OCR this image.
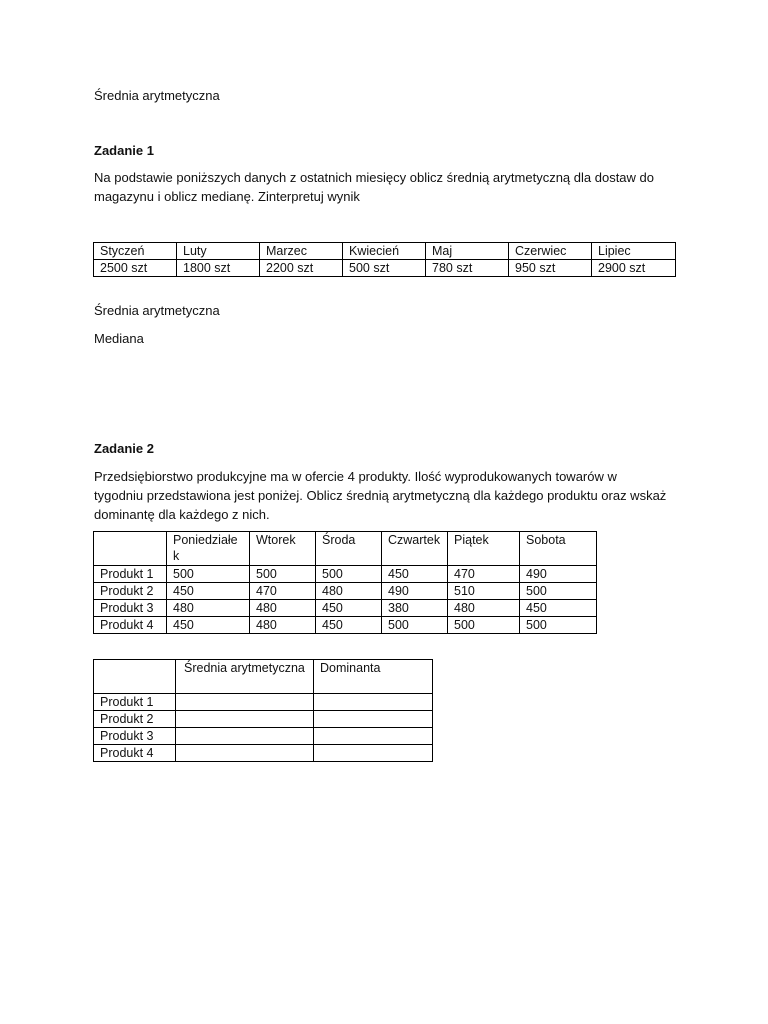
Średnia arytmetyczna

Zadanie 1

Na podstawie poniższych danych z ostatnich miesięcy oblicz średnią arytmetyczną dla dostaw do
magazynu i oblicz medianę. Zinterpretuj wynik
Styczeń	Luty	Marzec	Kwiecień	Maj	Czerwiec	Lipiec
2500 szt	1800 szt	2200 szt	500 szt	780 szt	950 szt	2900 szt

Średnia arytmetyczna

Mediana

Zadanie 2

Przedsiębiorstwo produkcyjne ma w ofercie 4 produkty. Ilość wyprodukowanych towarów w
tygodniu przedstawiona jest poniżej. Oblicz średnią arytmetyczną dla każdego produktu oraz wskaż
dominantę dla każdego z nich.
	Poniedziałek	Wtorek	Środa	Czwartek	Piątek	Sobota
Produkt 1	500	500	500	450	470	490
Produkt 2	450	470	480	490	510	500
Produkt 3	480	480	450	380	480	450
Produkt 4	450	480	450	500	500	500
	Średnia arytmetyczna	Dominanta
Produkt 1		
Produkt 2		
Produkt 3		
Produkt 4		
